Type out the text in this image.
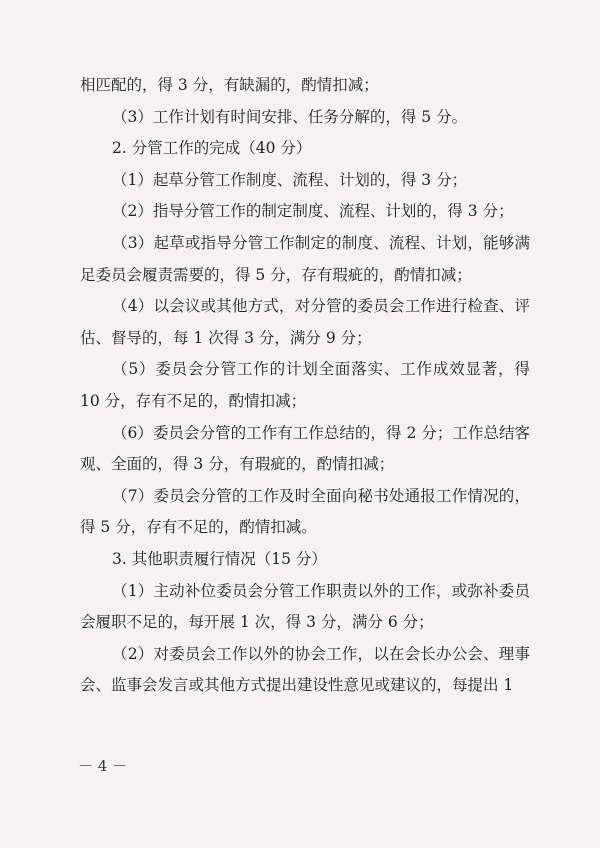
相匹配的，得 3 分，有缺漏的，酌情扣减；

（3）工作计划有时间安排、任务分解的，得 5 分。

2. 分管工作的完成（40 分）

（1）起草分管工作制度、流程、计划的，得 3 分；

（2）指导分管工作的制定制度、流程、计划的，得 3 分；

（3）起草或指导分管工作制定的制度、流程、计划，能够满足委员会履责需要的，得 5 分，存有瑕疵的，酌情扣减；

（4）以会议或其他方式，对分管的委员会工作进行检查、评估、督导的，每 1 次得 3 分，满分 9 分；

（5）委员会分管工作的计划全面落实、工作成效显著，得 10 分，存有不足的，酌情扣减；

（6）委员会分管的工作有工作总结的，得 2 分；工作总结客观、全面的，得 3 分，有瑕疵的，酌情扣减；

（7）委员会分管的工作及时全面向秘书处通报工作情况的，得 5 分，存有不足的，酌情扣减。

3. 其他职责履行情况（15 分）

（1）主动补位委员会分管工作职责以外的工作，或弥补委员会履职不足的，每开展 1 次，得 3 分，满分 6 分；

（2）对委员会工作以外的协会工作，以在会长办公会、理事会、监事会发言或其他方式提出建设性意见或建议的，每提出 1

－ 4 －
